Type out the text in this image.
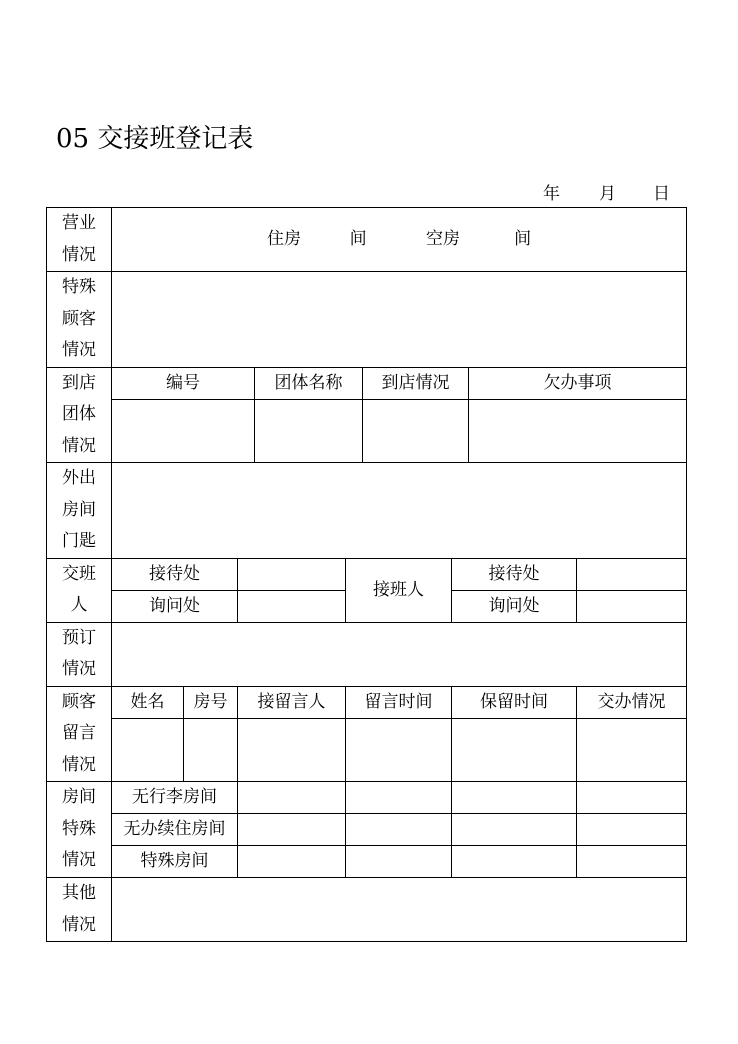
05 交接班登记表
年 月 日
营业
情况	住房 间 空房 间								
特殊
顾客
情况									
到店
团体
情况	编号			团体名称		到店情况		欠办事项	

外出
房间
门匙									
交班
人	接待处				接班人		接待处		
	询问处						询问处		
预订
情况									
顾客
留言
情况	姓名	房号	接留言人		留言时间		保留时间		交办情况

房间
特殊
情况	无行李房间								
	无办续住房间								
	特殊房间								
其他
情况									
